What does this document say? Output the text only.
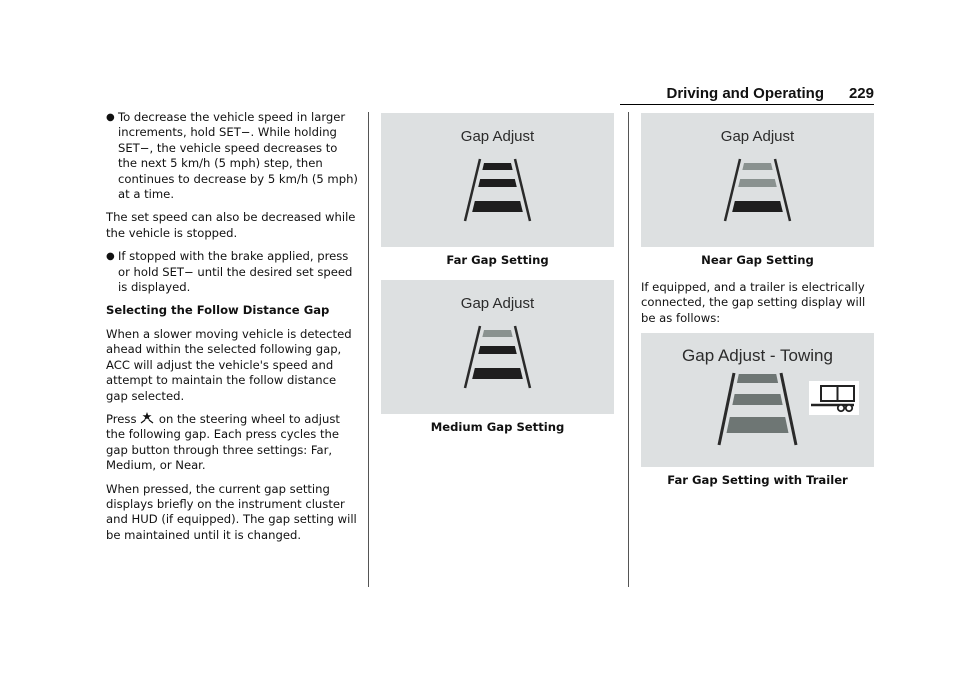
Driving and Operating 229
● To decrease the vehicle speed in larger increments, hold SET−. While holding SET−, the vehicle speed decreases to the next 5 km/h (5 mph) step, then continues to decrease by 5 km/h (5 mph) at a time.

The set speed can also be decreased while the vehicle is stopped.

● If stopped with the brake applied, press or hold SET− until the desired set speed is displayed.

Selecting the Follow Distance Gap

When a slower moving vehicle is detected ahead within the selected following gap, ACC will adjust the vehicle's speed and attempt to maintain the follow distance gap selected.

Press on the steering wheel to adjust the following gap. Each press cycles the gap button through three settings: Far, Medium, or Near.

When pressed, the current gap setting displays briefly on the instrument cluster and HUD (if equipped). The gap setting will be maintained until it is changed.

Gap Adjust
Far Gap Setting
Gap Adjust
Medium Gap Setting
Gap Adjust
Near Gap Setting
If equipped, and a trailer is electrically connected, the gap setting display will be as follows:
Gap Adjust - Towing
Far Gap Setting with Trailer
